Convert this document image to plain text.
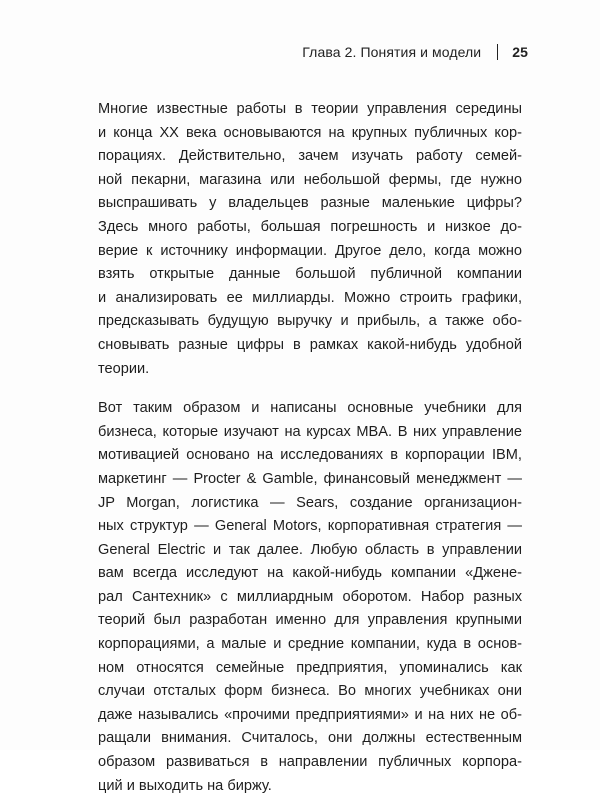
Глава 2. Понятия и модели 25
Многие известные работы в теории управления середины
и конца XX века основываются на крупных публичных кор-
порациях. Действительно, зачем изучать работу семей-
ной пекарни, магазина или небольшой фермы, где нужно
выспрашивать у владельцев разные маленькие цифры?
Здесь много работы, большая погрешность и низкое до-
верие к источнику информации. Другое дело, когда можно
взять открытые данные большой публичной компании
и анализировать ее миллиарды. Можно строить графики,
предсказывать будущую выручку и прибыль, а также обо-
сновывать разные цифры в рамках какой-нибудь удобной
теории.
Вот таким образом и написаны основные учебники для
бизнеса, которые изучают на курсах MBA. В них управление
мотивацией основано на исследованиях в корпорации IBM,
маркетинг — Procter & Gamble, финансовый менеджмент —
JP Morgan, логистика — Sears, создание организацион-
ных структур — General Motors, корпоративная стратегия —
General Electric и так далее. Любую область в управлении
вам всегда исследуют на какой-нибудь компании «Дженe-
рал Сантехник» с миллиардным оборотом. Набор разных
теорий был разработан именно для управления крупными
корпорациями, а малые и средние компании, куда в основ-
ном относятся семейные предприятия, упоминались как
случаи отсталых форм бизнеса. Во многих учебниках они
даже назывались «прочими предприятиями» и на них не об-
ращали внимания. Считалось, они должны естественным
образом развиваться в направлении публичных корпора-
ций и выходить на биржу.
